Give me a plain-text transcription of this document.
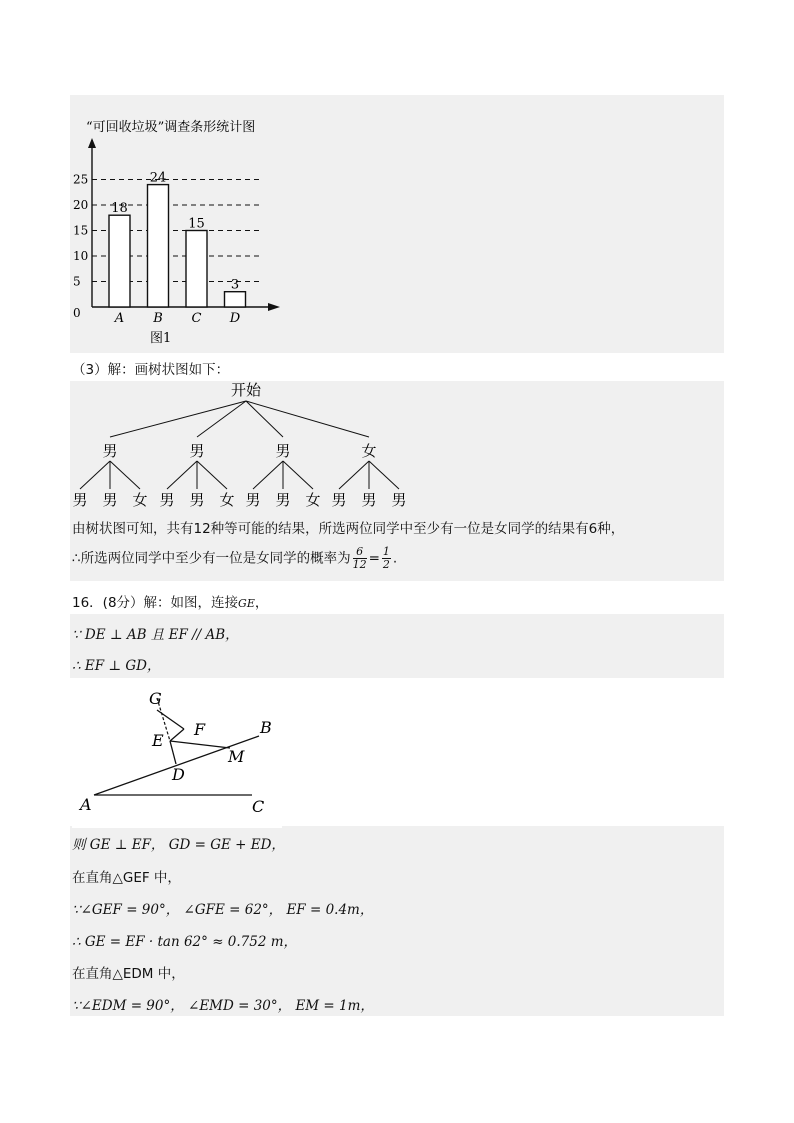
“可回收垃圾”调查条形统计图
0
5
10
15
20
25
18
A
24
B
15
C
3
D
图1
（3）解：画树状图如下：
开始
男
男 男 女
男
男 男 女
男
男 男 女
女
男 男 男
由树状图可知，共有12种等可能的结果，所选两位同学中至少有一位是女同学的结果有6种，
∴所选两位同学中至少有一位是女同学的概率为 $\frac{6}{12} = \frac{1}{2}$ .
16．(8分）解：如图，连接GE，
∵ DE ⊥ AB 且 EF // AB，
∴ EF ⊥ GD，
G
F	B
E
M
D
A	C
则 GE ⊥ EF， GD = GE + ED，
在直角△GEF 中，
∵∠GEF = 90°， ∠GFE = 62°， EF = 0.4m，
∴ GE = EF · tan 62° ≈ 0.752 m，
在直角△EDM 中，
∵∠EDM = 90°， ∠EMD = 30°， EM = 1m，
